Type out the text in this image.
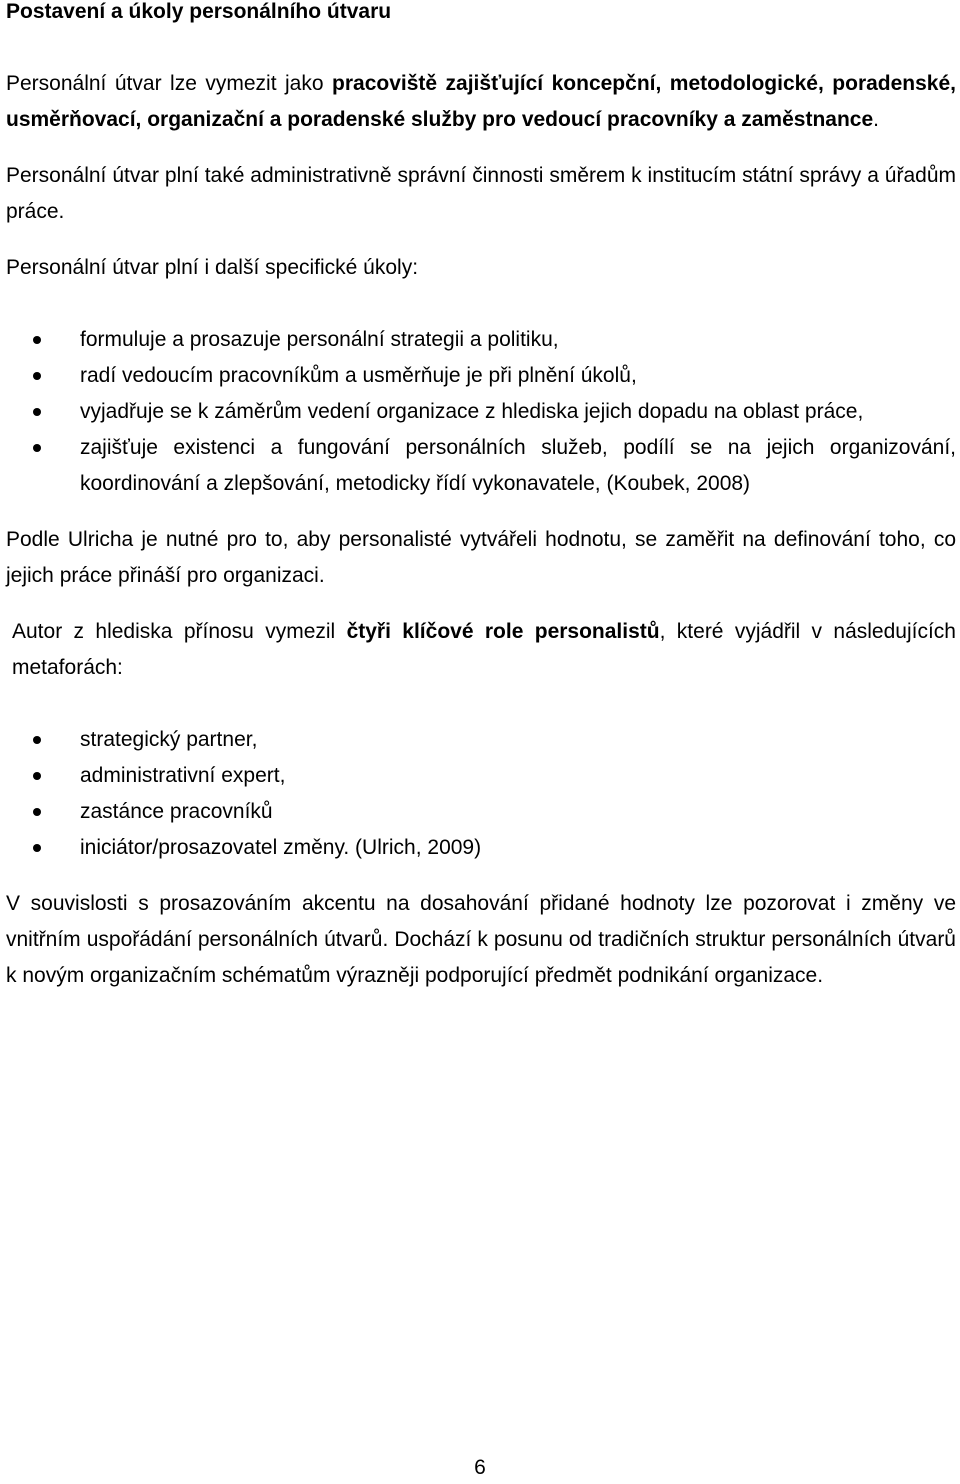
Postavení a úkoly personálního útvaru

Personální útvar lze vymezit jako pracoviště zajišťující koncepční, metodologické, poradenské, usměrňovací, organizační a poradenské služby pro vedoucí pracovníky a zaměstnance.

Personální útvar plní také administrativně správní činnosti směrem k institucím státní správy a úřadům práce.

Personální útvar plní i další specifické úkoly:

formuluje a prosazuje personální strategii a politiku,
radí vedoucím pracovníkům a usměrňuje je při plnění úkolů,
vyjadřuje se k záměrům vedení organizace z hlediska jejich dopadu na oblast práce,
zajišťuje existenci a fungování personálních služeb, podílí se na jejich organizování, koordinování a zlepšování, metodicky řídí vykonavatele, (Koubek, 2008)

Podle Ulricha je nutné pro to, aby personalisté vytvářeli hodnotu, se zaměřit na definování toho, co jejich práce přináší pro organizaci.

Autor z hlediska přínosu vymezil čtyři klíčové role personalistů, které vyjádřil v následujících metaforách:

strategický partner,
administrativní expert,
zastánce pracovníků
iniciátor/prosazovatel změny. (Ulrich, 2009)

V souvislosti s prosazováním akcentu na dosahování přidané hodnoty lze pozorovat i změny ve vnitřním uspořádání personálních útvarů. Dochází k posunu od tradičních struktur personálních útvarů k novým organizačním schématům výrazněji podporující předmět podnikání organizace.

6
